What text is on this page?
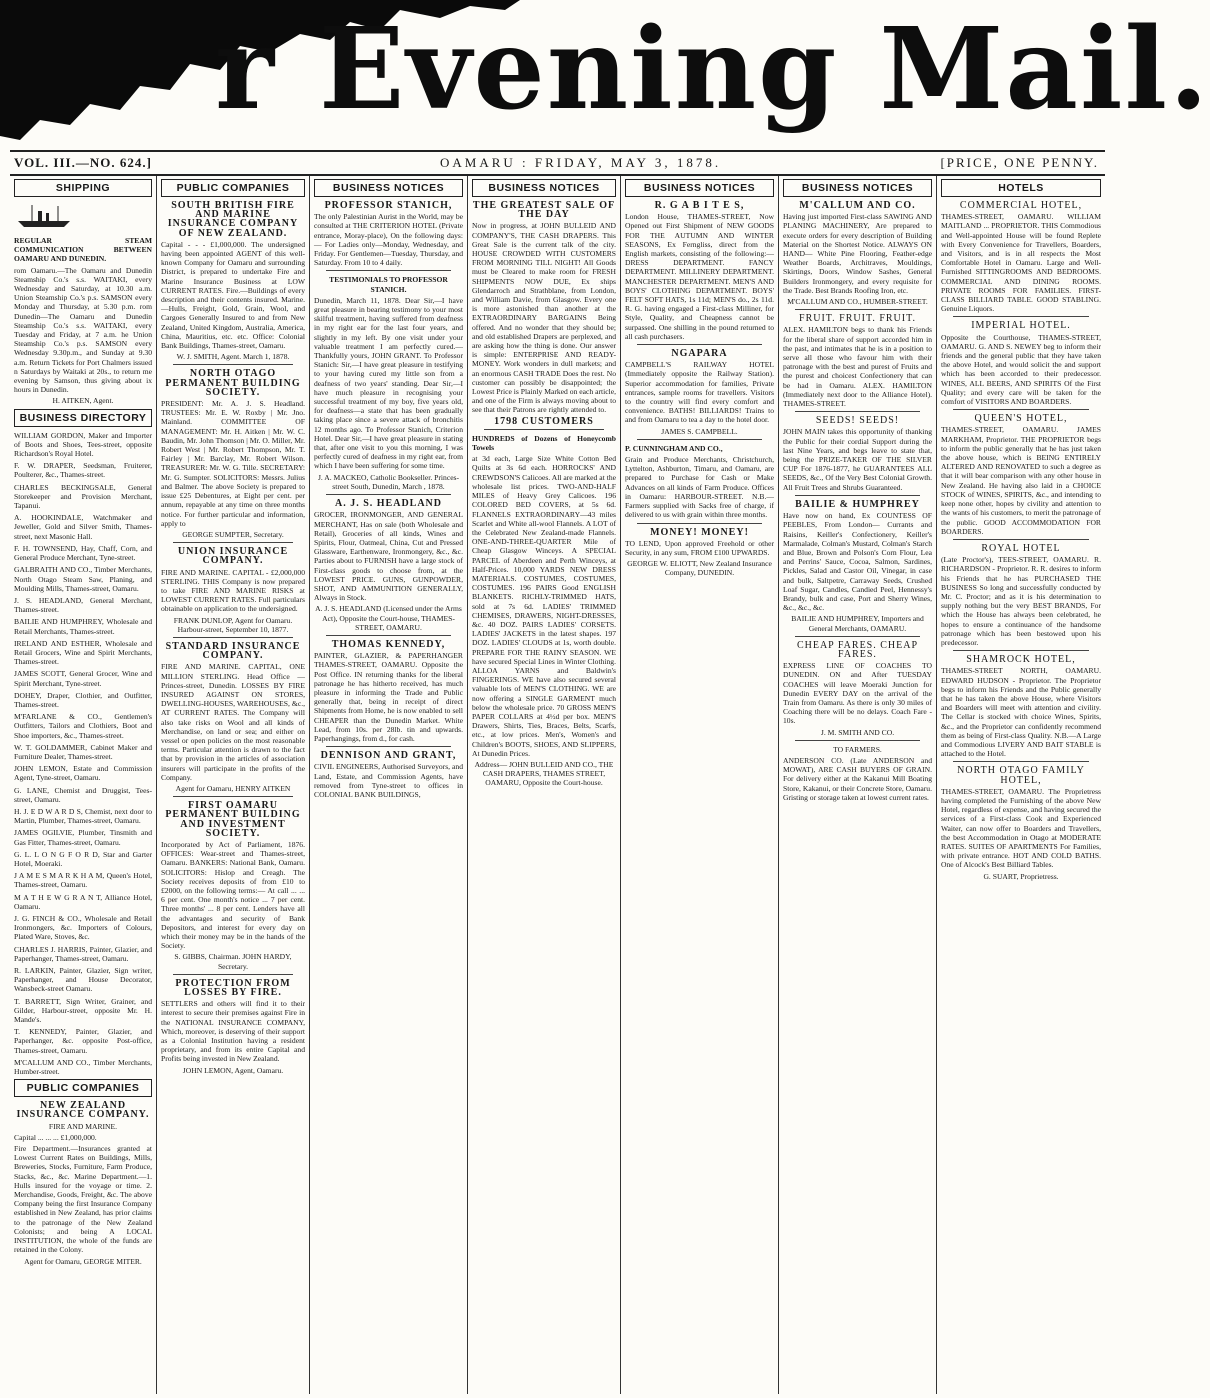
r Evening Mail.
VOL. III.—NO. 624.]	OAMARU : FRIDAY, MAY 3, 1878.	[PRICE, ONE PENNY.
SHIPPING

REGULAR STEAM COMMUNICATION BETWEEN OAMARU AND DUNEDIN.

rom Oamaru.—The Oamaru and Dunedin Steamship Co.'s s.s. WAITAKI, every Wednesday and Saturday, at 10.30 a.m. Union Steamship Co.'s p.s. SAMSON every Monday and Thursday, at 5.30 p.m. rom Dunedin—The Oamaru and Dunedin Steamship Co.'s s.s. WAITAKI, every Tuesday and Friday, at 7 a.m. he Union Steamship Co.'s p.s. SAMSON every Wednesday 9.30p.m., and Sunday at 9.30 a.m. Return Tickets for Port Chalmers issued n Saturdays by Waitaki at 20s., to return me evening by Samson, thus giving about ix hours in Dunedin.

H. AITKEN, Agent.

BUSINESS DIRECTORY
WILLIAM GORDON, Maker and Importer of Boots and Shoes, Tees-street, opposite Richardson's Royal Hotel.
F. W. DRAPER, Seedsman, Fruiterer, Poulterer, &c., Thames-street.
CHARLES BECKINGSALE, General Storekeeper and Provision Merchant, Tapanui.
A. HOOKINDALE, Watchmaker and Jeweller, Gold and Silver Smith, Thames-street, next Masonic Hall.
F. H. TOWNSEND, Hay, Chaff, Corn, and General Produce Merchant, Tyne-street.
GALBRAITH AND CO., Timber Merchants, North Otago Steam Saw, Planing, and Moulding Mills, Thames-street, Oamaru.
J. S. HEADLAND, General Merchant, Thames-street.
BAILIE AND HUMPHREY, Wholesale and Retail Merchants, Thames-street.
IRELAND AND ESTHER, Wholesale and Retail Grocers, Wine and Spirit Merchants, Thames-street.
JAMES SCOTT, General Grocer, Wine and Spirit Merchant, Tyne-street.
DOHEY, Draper, Clothier, and Outfitter, Thames-street.
M'FARLANE & CO., Gentlemen's Outfitters, Tailors and Clothiers, Boot and Shoe importers, &c., Thames-street.
W. T. GOLDAMMER, Cabinet Maker and Furniture Dealer, Thames-street.
JOHN LEMON, Estate and Commission Agent, Tyne-street, Oamaru.
G. LANE, Chemist and Druggist, Tees-street, Oamaru.
H. J. E D W A R D S, Chemist, next door to Martin, Plumber, Thames-street, Oamaru.
JAMES OGILVIE, Plumber, Tinsmith and Gas Fitter, Thames-street, Oamaru.
G. L. L O N G F O R D, Star and Garter Hotel, Moeraki.
J A M E S M A R K H A M, Queen's Hotel, Thames-street, Oamaru.
M A T H E W G R A N T, Alliance Hotel, Oamaru.
J. G. FINCH & CO., Wholesale and Retail Ironmongers, &c. Importers of Colours, Plated Ware, Stoves, &c.
CHARLES J. HARRIS, Painter, Glazier, and Paperhanger, Thames-street, Oamaru.
R. LARKIN, Painter, Glazier, Sign writer, Paperhanger, and House Decorator, Wansbeck-street Oamaru.
T. BARRETT, Sign Writer, Grainer, and Gilder, Harbour-street, opposite Mr. H. Mande's.
T. KENNEDY, Painter, Glazier, and Paperhanger, &c. opposite Post-office, Thames-street, Oamaru.
M'CALLUM AND CO., Timber Merchants, Humber-street.
PUBLIC COMPANIES

NEW ZEALAND INSURANCE COMPANY.

FIRE AND MARINE.

Capital ... ... ... £1,000,000.

Fire Department.—Insurances granted at Lowest Current Rates on Buildings, Mills, Breweries, Stocks, Furniture, Farm Produce, Stacks, &c., &c. Marine Department.—1. Hulls insured for the voyage or time. 2. Merchandise, Goods, Freight, &c. The above Company being the first Insurance Company established in New Zealand, has prior claims to the patronage of the New Zealand Colonists; and being A LOCAL INSTITUTION, the whole of the funds are retained in the Colony.

Agent for Oamaru, GEORGE MITER.

PUBLIC COMPANIES

SOUTH BRITISH FIRE AND MARINE INSURANCE COMPANY OF NEW ZEALAND.

Capital - - - £1,000,000. The undersigned having been appointed AGENT of this well-known Company for Oamaru and surrounding District, is prepared to undertake Fire and Marine Insurance Business at LOW CURRENT RATES. Fire.—Buildings of every description and their contents insured. Marine.—Hulls, Freight, Gold, Grain, Wool, and Cargoes Generally Insured to and from New Zealand, United Kingdom, Australia, America, China, Mauritius, etc. etc. Office: Colonial Bank Buildings, Thames-street, Oamaru.

W. J. SMITH, Agent. March 1, 1878.

NORTH OTAGO PERMANENT BUILDING SOCIETY.

PRESIDENT: Mr. A. J. S. Headland. TRUSTEES: Mr. E. W. Roxby | Mr. Jno. Mainland. COMMITTEE OF MANAGEMENT: Mr. H. Aitken | Mr. W. C. Baudin, Mr. John Thomson | Mr. O. Miller, Mr. Robert West | Mr. Robert Thompson, Mr. T. Fairley | Mr. Barclay, Mr. Robert Wilson. TREASURER: Mr. W. G. Tille. SECRETARY: Mr. G. Sumpter. SOLICITORS: Messrs. Julius and Balmer. The above Society is prepared to issue £25 Debentures, at Eight per cent. per annum, repayable at any time on three months notice. For further particular and information, apply to

GEORGE SUMPTER, Secretary.

UNION INSURANCE COMPANY.

FIRE AND MARINE. CAPITAL - £2,000,000 STERLING. THIS Company is now prepared to take FIRE AND MARINE RISKS at LOWEST CURRENT RATES. Full particulars obtainable on application to the undersigned.

FRANK DUNLOP, Agent for Oamaru. Harbour-street, September 10, 1877.

STANDARD INSURANCE COMPANY.

FIRE AND MARINE. CAPITAL, ONE MILLION STERLING. Head Office — Princes-street, Dunedin. LOSSES BY FIRE INSURED AGAINST ON STORES, DWELLING-HOUSES, WAREHOUSES, &c., AT CURRENT RATES. The Company will also take risks on Wool and all kinds of Merchandise, on land or sea; and either on vessel or open policies on the most reasonable terms. Particular attention is drawn to the fact that by provision in the articles of association insurers will participate in the profits of the Company.

Agent for Oamaru, HENRY AITKEN

FIRST OAMARU PERMANENT BUILDING AND INVESTMENT SOCIETY.

Incorporated by Act of Parliament, 1876. OFFICES: Wear-street and Thames-street, Oamaru. BANKERS: National Bank, Oamaru. SOLICITORS: Hislop and Creagh. The Society receives deposits of from £10 to £2000, on the following terms:— At call ... ... 6 per cent. One month's notice ... 7 per cent. Three months' ... 8 per cent. Lenders have all the advantages and security of Bank Depositors, and interest for every day on which their money may be in the hands of the Society.

S. GIBBS, Chairman. JOHN HARDY, Secretary.

PROTECTION FROM LOSSES BY FIRE.

SETTLERS and others will find it to their interest to secure their premises against Fire in the NATIONAL INSURANCE COMPANY, Which, moreover, is deserving of their support as a Colonial Institution having a resident proprietary, and from its entire Capital and Profits being invested in New Zealand.

JOHN LEMON, Agent, Oamaru.

BUSINESS NOTICES

PROFESSOR STANICH,

The only Palestinian Aurist in the World, may be consulted at THE CRITERION HOTEL (Private entrance, Moray-place), On the following days:— For Ladies only—Monday, Wednesday, and Friday. For Gentlemen—Tuesday, Thursday, and Saturday. From 10 to 4 daily.

TESTIMONIALS TO PROFESSOR STANICH.

Dunedin, March 11, 1878. Dear Sir,—I have great pleasure in bearing testimony to your most skilful treatment, having suffered from deafness in my right ear for the last four years, and slightly in my left. By one visit under your valuable treatment I am perfectly cured.—Thankfully yours, JOHN GRANT. To Professor Stanich: Sir,—I have great pleasure in testifying to your having cured my little son from a deafness of two years' standing. Dear Sir,—I have much pleasure in recognising your successful treatment of my boy, five years old, for deafness—a state that has been gradually taking place since a severe attack of bronchitis 12 months ago. To Professor Stanich, Criterion Hotel. Dear Sir,—I have great pleasure in stating that, after one visit to you this morning, I was perfectly cured of deafness in my right ear, from which I have been suffering for some time.

J. A. MACKEO, Catholic Bookseller. Princes-street South, Dunedin, March , 1878.

A. J. S. HEADLAND

GROCER, IRONMONGER, AND GENERAL MERCHANT, Has on sale (both Wholesale and Retail), Groceries of all kinds, Wines and Spirits, Flour, Oatmeal, China, Cut and Pressed Glassware, Earthenware, Ironmongery, &c., &c. Parties about to FURNISH have a large stock of First-class goods to choose from, at the LOWEST PRICE. GUNS, GUNPOWDER, SHOT, AND AMMUNITION GENERALLY, Always in Stock.

A. J. S. HEADLAND (Licensed under the Arms Act), Opposite the Court-house, THAMES-STREET, OAMARU.

THOMAS KENNEDY,

PAINTER, GLAZIER, & PAPERHANGER THAMES-STREET, OAMARU. Opposite the Post Office. IN returning thanks for the liberal patronage he has hitherto received, has much pleasure in informing the Trade and Public generally that, being in receipt of direct Shipments from Home, he is now enabled to sell CHEAPER than the Dunedin Market. White Lead, from 10s. per 28lb. tin and upwards. Paperhangings, from d., for cash.

DENNISON AND GRANT,

CIVIL ENGINEERS, Authorised Surveyors, and Land, Estate, and Commission Agents, have removed from Tyne-street to offices in COLONIAL BANK BUILDINGS,

BUSINESS NOTICES

THE GREATEST SALE OF THE DAY

Now in progress, at JOHN BULLEID AND COMPANY'S, THE CASH DRAPERS. This Great Sale is the current talk of the city. HOUSE CROWDED WITH CUSTOMERS FROM MORNING TILL NIGHT! All Goods must be Cleared to make room for FRESH SHIPMENTS NOW DUE, Ex ships Glendarroch and Strathblane, from London, and William Davie, from Glasgow. Every one is more astonished than another at the EXTRAORDINARY BARGAINS Being offered. And no wonder that they should be; and old established Drapers are perplexed, and are asking how the thing is done. Our answer is simple: ENTERPRISE AND READY-MONEY. Work wonders in dull markets; and an enormous CASH TRADE Does the rest. No customer can possibly be disappointed; the Lowest Price is Plainly Marked on each article, and one of the Firm is always moving about to see that their Patrons are rightly attended to.

1798 CUSTOMERS

HUNDREDS of Dozens of Honeycomb Towels

at 3d each, Large Size White Cotton Bed Quilts at 3s 6d each. HORROCKS' AND CREWDSON'S Calicoes. All are marked at the wholesale list prices. TWO-AND-HALF MILES of Heavy Grey Calicoes. 196 COLORED BED COVERS, at 5s 6d. FLANNELS EXTRAORDINARY—43 miles Scarlet and White all-wool Flannels. A LOT of the Celebrated New Zealand-made Flannels. ONE-AND-THREE-QUARTER Mile of Cheap Glasgow Winceys. A SPECIAL PARCEL of Aberdeen and Perth Winceys, at Half-Prices. 10,000 YARDS NEW DRESS MATERIALS. COSTUMES, COSTUMES, COSTUMES. 196 PAIRS Good ENGLISH BLANKETS. RICHLY-TRIMMED HATS, sold at 7s 6d. LADIES' TRIMMED CHEMISES, DRAWERS, NIGHT-DRESSES, &c. 40 DOZ. PAIRS LADIES' CORSETS. LADIES' JACKETS in the latest shapes. 197 DOZ. LADIES' CLOUDS at 1s, worth double. PREPARE FOR THE RAINY SEASON. WE have secured Special Lines in Winter Clothing. ALLOA YARNS and Baldwin's FINGERINGS. WE have also secured several valuable lots of MEN'S CLOTHING. WE are now offering a SINGLE GARMENT much below the wholesale price. 70 GROSS MEN'S PAPER COLLARS at 4½d per box. MEN'S Drawers, Shirts, Ties, Braces, Belts, Scarfs, etc., at low prices. Men's, Women's and Children's BOOTS, SHOES, AND SLIPPERS, At Dunedin Prices.

Address— JOHN BULLEID AND CO., THE CASH DRAPERS, THAMES STREET, OAMARU, Opposite the Court-house.

BUSINESS NOTICES

R. G A B I T E S,

London House, THAMES-STREET, Now Opened out First Shipment of NEW GOODS FOR THE AUTUMN AND WINTER SEASONS, Ex Ferngliss, direct from the English markets, consisting of the following:— DRESS DEPARTMENT. FANCY DEPARTMENT. MILLINERY DEPARTMENT. MANCHESTER DEPARTMENT. MEN'S AND BOYS' CLOTHING DEPARTMENT. BOYS' FELT SOFT HATS, 1s 11d; MEN'S do., 2s 11d. R. G. having engaged a First-class Milliner, for Style, Quality, and Cheapness cannot be surpassed. One shilling in the pound returned to all cash purchasers.

NGAPARA

CAMPBELL'S RAILWAY HOTEL (Immediately opposite the Railway Station). Superior accommodation for families, Private entrances, sample rooms for travellers. Visitors to the country will find every comfort and convenience. BATHS! BILLIARDS! Trains to and from Oamaru to tea a day to the hotel door.

JAMES S. CAMPBELL.

P. CUNNINGHAM AND CO.,

Grain and Produce Merchants, Christchurch, Lyttelton, Ashburton, Timaru, and Oamaru, are prepared to Purchase for Cash or Make Advances on all kinds of Farm Produce. Offices in Oamaru: HARBOUR-STREET. N.B.—Farmers supplied with Sacks free of charge, if delivered to us with grain within three months.

MONEY! MONEY!

TO LEND, Upon approved Freehold or other Security, in any sum, FROM £100 UPWARDS.

GEORGE W. ELIOTT, New Zealand Insurance Company, DUNEDIN.

BUSINESS NOTICES

M'CALLUM AND CO.

Having just imported First-class SAWING AND PLANING MACHINERY, Are prepared to execute orders for every description of Building Material on the Shortest Notice. ALWAYS ON HAND— White Pine Flooring, Feather-edge Weather Boards, Architraves, Mouldings, Skirtings, Doors, Window Sashes, General Builders Ironmongery, and every requisite for the Trade. Best Brands Roofing Iron, etc.

M'CALLUM AND CO., HUMBER-STREET.

FRUIT. FRUIT. FRUIT.

ALEX. HAMILTON begs to thank his Friends for the liberal share of support accorded him in the past, and intimates that he is in a position to serve all those who favour him with their patronage with the best and purest of Fruits and the purest and choicest Confectionery that can be had in Oamaru. ALEX. HAMILTON (Immediately next door to the Alliance Hotel). THAMES-STREET.

SEEDS! SEEDS!

JOHN MAIN takes this opportunity of thanking the Public for their cordial Support during the last Nine Years, and begs leave to state that, being the PRIZE-TAKER OF THE SILVER CUP For 1876-1877, he GUARANTEES ALL SEEDS, &c., Of the Very Best Colonial Growth. All Fruit Trees and Shrubs Guaranteed.

BAILIE & HUMPHREY

Have now on hand, Ex COUNTESS OF PEEBLES, From London— Currants and Raisins, Keiller's Confectionery, Keiller's Marmalade, Colman's Mustard, Colman's Starch and Blue, Brown and Polson's Corn Flour, Lea and Perrins' Sauce, Cocoa, Salmon, Sardines, Pickles, Salad and Castor Oil, Vinegar, in case and bulk, Saltpetre, Carraway Seeds, Crushed Loaf Sugar, Candles, Candied Peel, Hennessy's Brandy, bulk and case, Port and Sherry Wines, &c., &c., &c.

BAILIE AND HUMPHREY, Importers and General Merchants, OAMARU.

CHEAP FARES. CHEAP FARES.

EXPRESS LINE OF COACHES TO DUNEDIN. ON and After TUESDAY COACHES will leave Moeraki Junction for Dunedin EVERY DAY on the arrival of the Train from Oamaru. As there is only 30 miles of Coaching there will be no delays. Coach Fare - 10s.

J. M. SMITH AND CO.

TO FARMERS.

ANDERSON CO. (Late ANDERSON and MOWAT), ARE CASH BUYERS OF GRAIN. For delivery either at the Kakanui Mill Boating Store, Kakanui, or their Concrete Store, Oamaru. Gristing or storage taken at lowest current rates.

HOTELS

COMMERCIAL HOTEL,

THAMES-STREET, OAMARU. WILLIAM MAITLAND ... PROPRIETOR. THIS Commodious and Well-appointed House will be found Replete with Every Convenience for Travellers, Boarders, and Visitors, and is in all respects the Most Comfortable Hotel in Oamaru. Large and Well-Furnished SITTINGROOMS AND BEDROOMS. COMMERCIAL AND DINING ROOMS. PRIVATE ROOMS FOR FAMILIES. FIRST-CLASS BILLIARD TABLE. GOOD STABLING. Genuine Liquors.

IMPERIAL HOTEL.

Opposite the Courthouse, THAMES-STREET, OAMARU. G. AND S. NEWEY beg to inform their friends and the general public that they have taken the above Hotel, and would solicit the and support which has been accorded to their predecessor. WINES, ALL BEERS, AND SPIRITS Of the First Quality; and every care will be taken for the comfort of VISITORS AND BOARDERS.

QUEEN'S HOTEL,

THAMES-STREET, OAMARU. JAMES MARKHAM, Proprietor. THE PROPRIETOR begs to inform the public generally that he has just taken the above house, which is BEING ENTIRELY ALTERED AND RENOVATED to such a degree as that it will bear comparison with any other house in New Zealand. He having also laid in a CHOICE STOCK of WINES, SPIRITS, &c., and intending to keep none other, hopes by civility and attention to the wants of his customers, to merit the patronage of the public. GOOD ACCOMMODATION FOR BOARDERS.

ROYAL HOTEL

(Late Proctor's), TEES-STREET, OAMARU. R. RICHARDSON - Proprietor. R. R. desires to inform his Friends that he has PURCHASED THE BUSINESS So long and successfully conducted by Mr. C. Proctor; and as it is his determination to supply nothing but the very BEST BRANDS, For which the House has always been celebrated, he hopes to ensure a continuance of the handsome patronage which has been bestowed upon his predecessor.

SHAMROCK HOTEL,

THAMES-STREET NORTH, OAMARU. EDWARD HUDSON - Proprietor. The Proprietor begs to inform his Friends and the Public generally that he has taken the above House, where Visitors and Boarders will meet with attention and civility. The Cellar is stocked with choice Wines, Spirits, &c., and the Proprietor can confidently recommend them as being of First-class Quality. N.B.—A Large and Commodious LIVERY AND BAIT STABLE is attached to the Hotel.

NORTH OTAGO FAMILY HOTEL,

THAMES-STREET, OAMARU. The Proprietress having completed the Furnishing of the above New Hotel, regardless of expense, and having secured the services of a First-class Cook and Experienced Waiter, can now offer to Boarders and Travellers, the best Accommodation in Otago at MODERATE RATES. SUITES OF APARTMENTS For Families, with private entrance. HOT AND COLD BATHS. One of Alcock's Best Billiard Tables.

G. SUART, Proprietress.
